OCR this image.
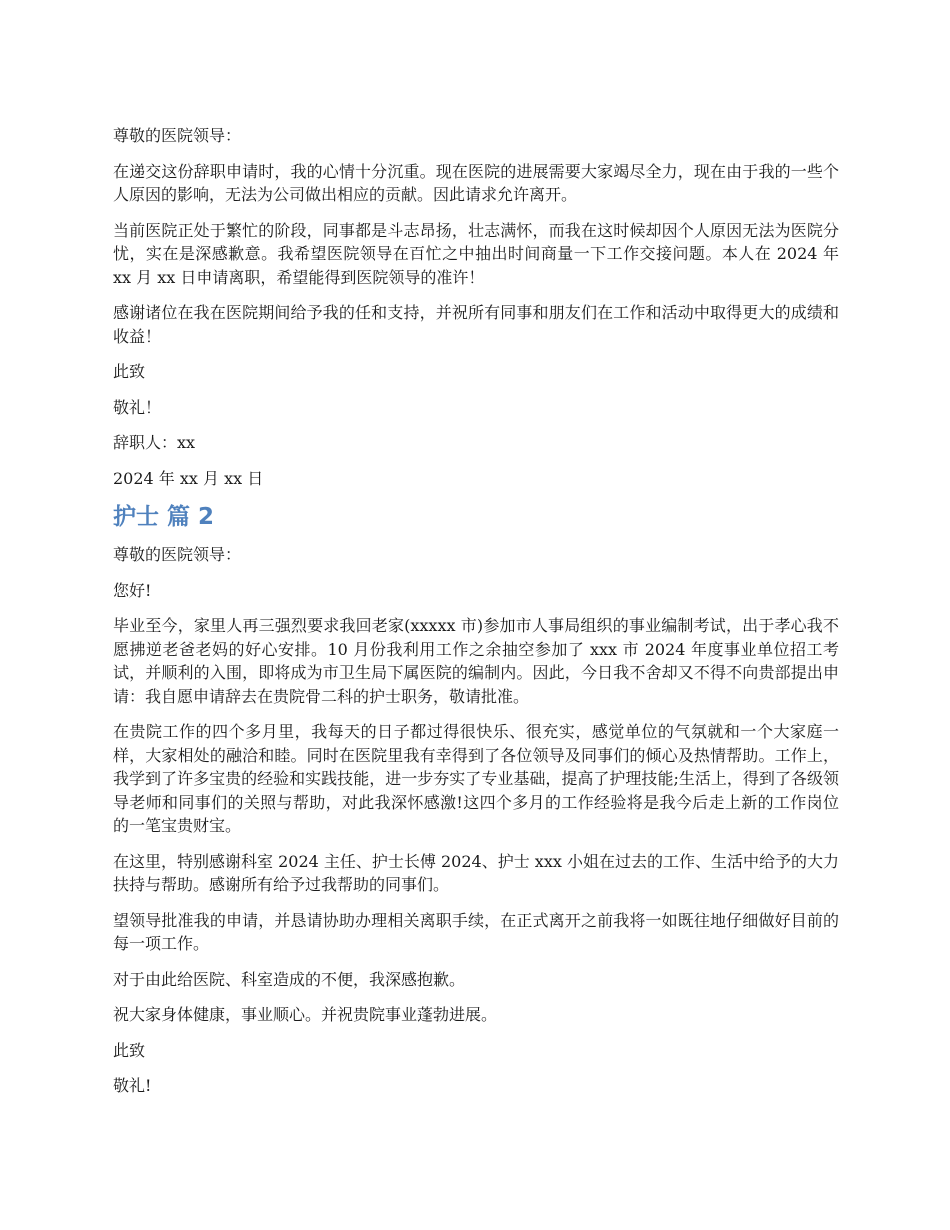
尊敬的医院领导：

在递交这份辞职申请时，我的心情十分沉重。现在医院的进展需要大家竭尽全力，现在由于我的一些个人原因的影响，无法为公司做出相应的贡献。因此请求允许离开。

当前医院正处于繁忙的阶段，同事都是斗志昂扬，壮志满怀，而我在这时候却因个人原因无法为医院分忧，实在是深感歉意。我希望医院领导在百忙之中抽出时间商量一下工作交接问题。本人在 2024 年 xx 月 xx 日申请离职，希望能得到医院领导的准许！

感谢诸位在我在医院期间给予我的任和支持，并祝所有同事和朋友们在工作和活动中取得更大的成绩和收益！

此致

敬礼！

辞职人：xx

2024 年 xx 月 xx 日

护士 篇 2

尊敬的医院领导：

您好!

毕业至今，家里人再三强烈要求我回老家(xxxxx 市)参加市人事局组织的事业编制考试，出于孝心我不愿拂逆老爸老妈的好心安排。10 月份我利用工作之余抽空参加了 xxx 市 2024 年度事业单位招工考试，并顺利的入围，即将成为市卫生局下属医院的编制内。因此，今日我不舍却又不得不向贵部提出申请：我自愿申请辞去在贵院骨二科的护士职务，敬请批准。

在贵院工作的四个多月里，我每天的日子都过得很快乐、很充实，感觉单位的气氛就和一个大家庭一样，大家相处的融洽和睦。同时在医院里我有幸得到了各位领导及同事们的倾心及热情帮助。工作上，我学到了许多宝贵的经验和实践技能，进一步夯实了专业基础，提高了护理技能;生活上，得到了各级领导老师和同事们的关照与帮助，对此我深怀感激!这四个多月的工作经验将是我今后走上新的工作岗位的一笔宝贵财宝。

在这里，特别感谢科室 2024 主任、护士长傅 2024、护士 xxx 小姐在过去的工作、生活中给予的大力扶持与帮助。感谢所有给予过我帮助的同事们。

望领导批准我的申请，并恳请协助办理相关离职手续，在正式离开之前我将一如既往地仔细做好目前的每一项工作。

对于由此给医院、科室造成的不便，我深感抱歉。

祝大家身体健康，事业顺心。并祝贵院事业蓬勃进展。

此致

敬礼!
